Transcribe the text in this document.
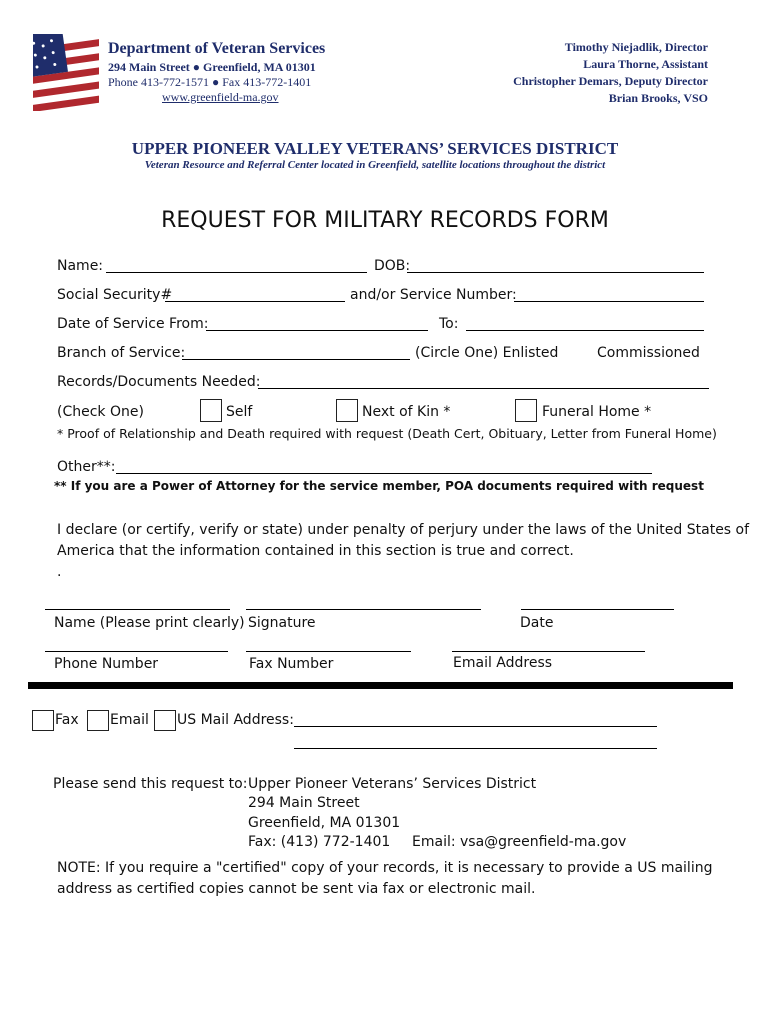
Department of Veteran Services
294 Main Street ● Greenfield, MA 01301
Phone 413-772-1571 ● Fax 413-772-1401
www.greenfield-ma.gov
Timothy Niejadlik, Director
Laura Thorne, Assistant
Christopher Demars, Deputy Director
Brian Brooks, VSO
UPPER PIONEER VALLEY VETERANS’ SERVICES DISTRICT
Veteran Resource and Referral Center located in Greenfield, satellite locations throughout the district
REQUEST FOR MILITARY RECORDS FORM
Name:	DOB:
Social Security#	and/or Service Number:
Date of Service From:	To:
Branch of Service:	(Circle One) Enlisted	Commissioned
Records/Documents Needed:
(Check One)	Self	Next of Kin *	Funeral Home *
* Proof of Relationship and Death required with request (Death Cert, Obituary, Letter from Funeral Home)
Other**:
** If you are a Power of Attorney for the service member, POA documents required with request
I declare (or certify, verify or state) under penalty of perjury under the laws of the United States of
America that the information contained in this section is true and correct.
.
Name (Please print clearly) Signature	Date
Phone Number	Fax Number	Email Address
Fax Email US Mail Address:
Please send this request to: Upper Pioneer Veterans’ Services District
294 Main Street
Greenfield, MA 01301
Fax: (413) 772-1401 Email: vsa@greenfield-ma.gov
NOTE: If you require a "certified" copy of your records, it is necessary to provide a US mailing
address as certified copies cannot be sent via fax or electronic mail.
